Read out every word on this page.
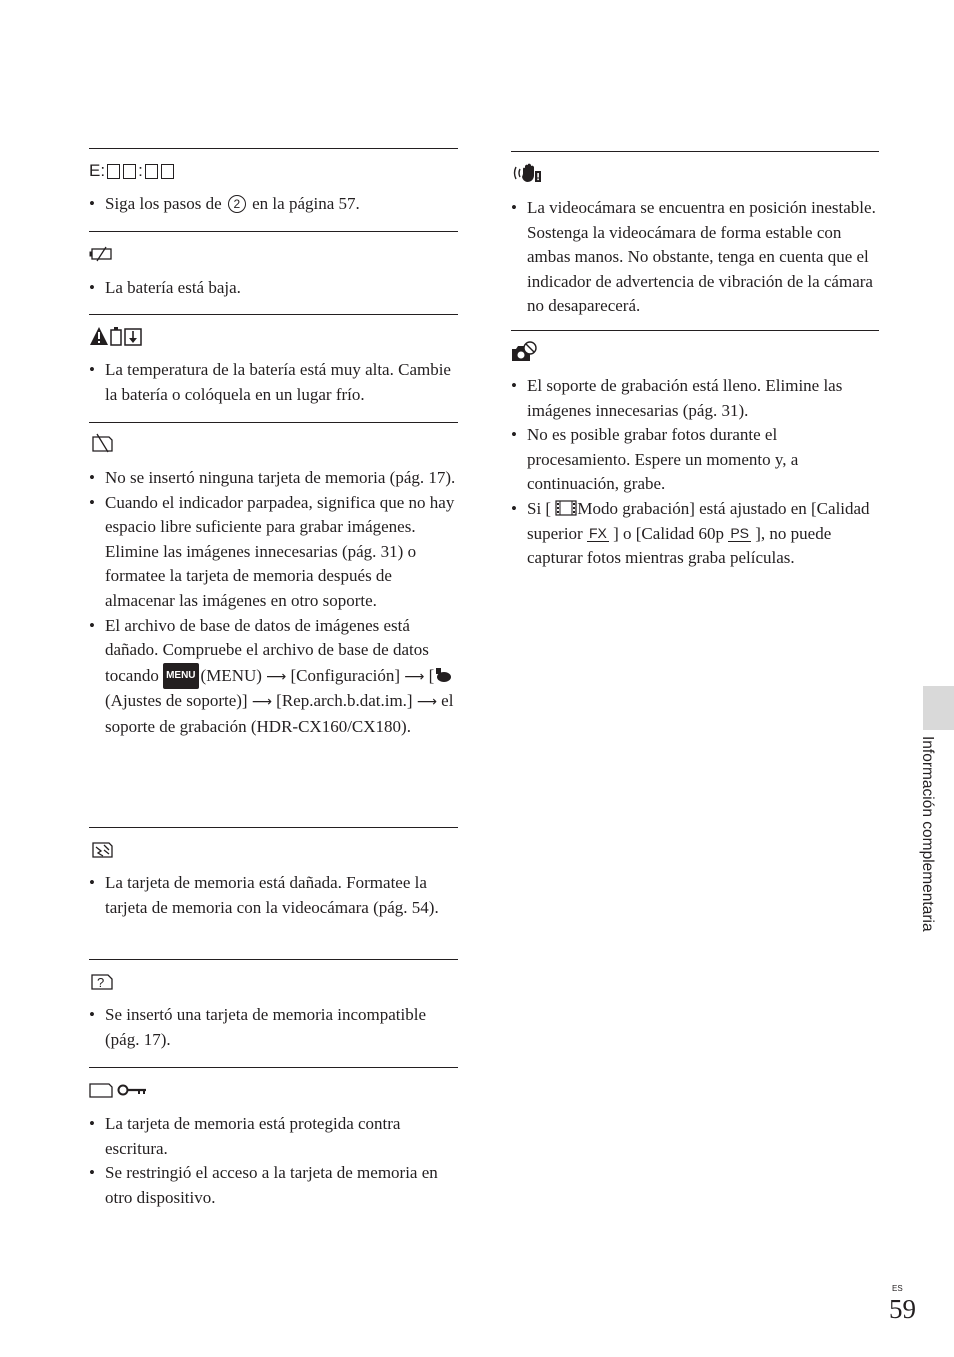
E: :
• Siga los pasos de 2 en la página 57.
• La batería está baja.
• La temperatura de la batería está muy alta. Cambie la batería o colóquela en un lugar frío.
• No se insertó ninguna tarjeta de memoria (pág. 17).
• Cuando el indicador parpadea, significa que no hay espacio libre suficiente para grabar imágenes. Elimine las imágenes innecesarias (pág. 31) o formatee la tarjeta de memoria después de almacenar las imágenes en otro soporte.
• El archivo de base de datos de imágenes está dañado. Compruebe el archivo de base de datos tocando MENU (MENU) ⟶ [Configuración] ⟶ [(Ajustes de soporte)] ⟶ [Rep.arch.b.dat.im.] ⟶ el soporte de grabación (HDR-CX160/CX180).
• La tarjeta de memoria está dañada. Formatee la tarjeta de memoria con la videocámara (pág. 54).
?
• Se insertó una tarjeta de memoria incompatible (pág. 17).
• La tarjeta de memoria está protegida contra escritura.
• Se restringió el acceso a la tarjeta de memoria en otro dispositivo.
• La videocámara se encuentra en posición inestable. Sostenga la videocámara de forma estable con ambas manos. No obstante, tenga en cuenta que el indicador de advertencia de vibración de la cámara no desaparecerá.
• El soporte de grabación está lleno. Elimine las imágenes innecesarias (pág. 31).
• No es posible grabar fotos durante el procesamiento. Espere un momento y, a continuación, grabe.
• Si [ Modo grabación] está ajustado en [Calidad superior FX ] o [Calidad 60p PS ], no puede capturar fotos mientras graba películas.
Información complementaria
ES
59
